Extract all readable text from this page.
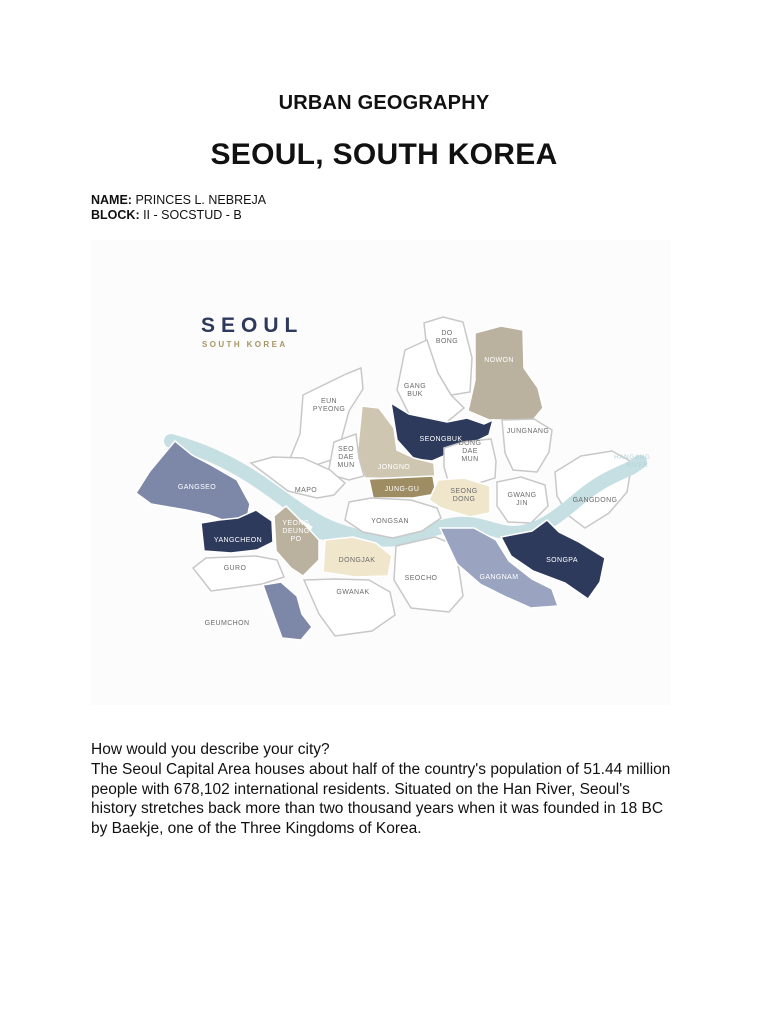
URBAN GEOGRAPHY
SEOUL, SOUTH KOREA
NAME: PRINCES L. NEBREJA
BLOCK: II - SOCSTUD - B
SEOUL
SOUTH KOREA
HANGANG
RIVER
DO BONG
NOWON
GANG BUK
EUN PYEONG
SEONGBUK
JUNGNANG
JONGNO
SEO DAE MUN
DONG DAE MUN
MAPO	JUNG-GU	SEONG DONG
GWANG JIN	GANGDONG
GANGSEO
YONGSAN
YANGCHEON
YEONG DEUNG PO
DONGJAK
SEOCHO	GANGNAM
SONGPA
GURO
GWANAK
GEUMCHON
How would you describe your city?
The Seoul Capital Area houses about half of the country's population of 51.44 million people with 678,102 international residents. Situated on the Han River, Seoul's history stretches back more than two thousand years when it was founded in 18 BC by Baekje, one of the Three Kingdoms of Korea.
